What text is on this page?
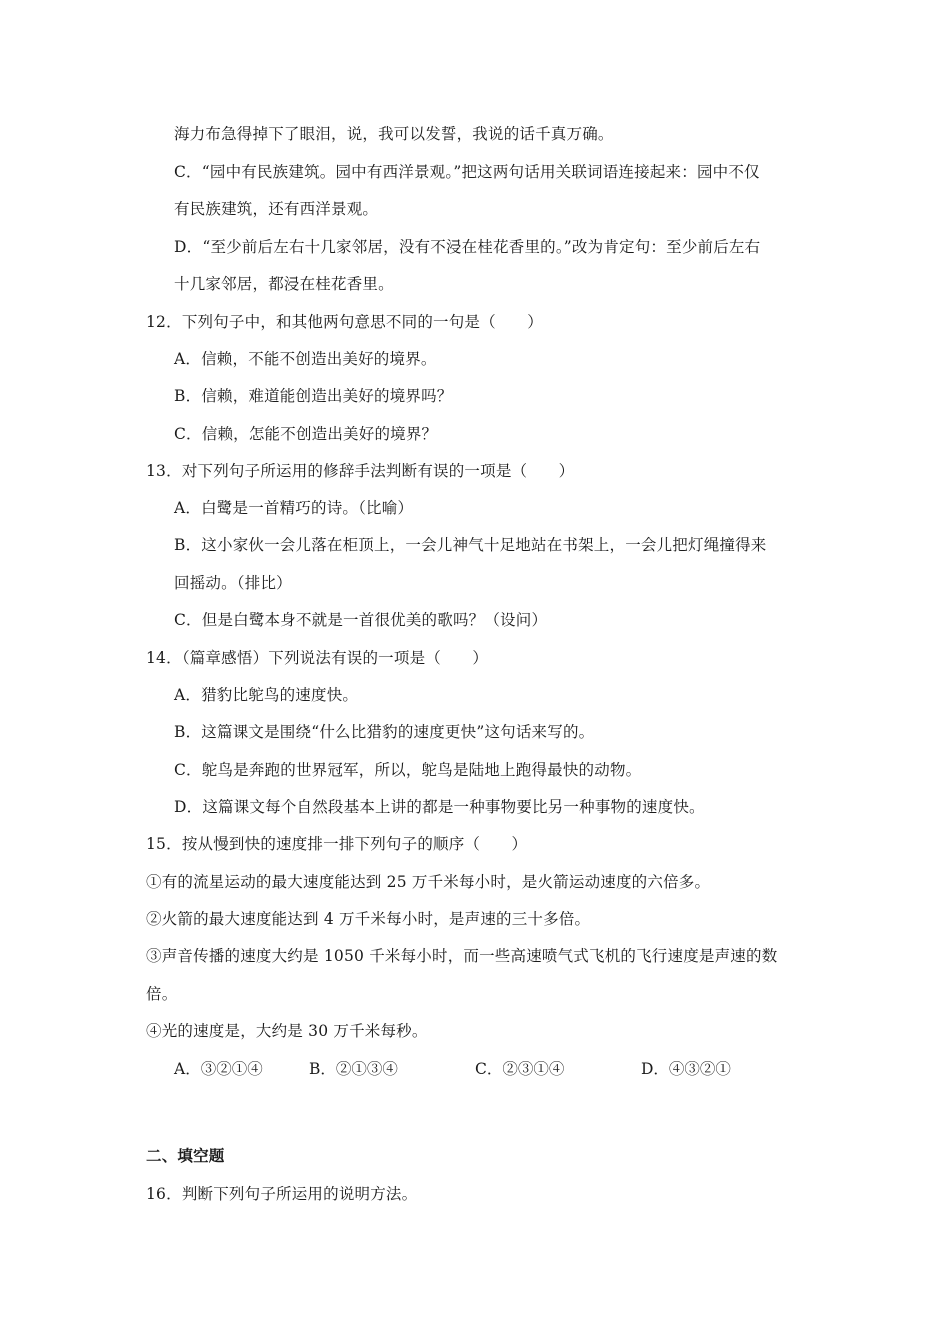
海力布急得掉下了眼泪，说，我可以发誓，我说的话千真万确。
C．“园中有民族建筑。园中有西洋景观。”把这两句话用关联词语连接起来：园中不仅
有民族建筑，还有西洋景观。
D．“至少前后左右十几家邻居，没有不浸在桂花香里的。”改为肯定句：至少前后左右
十几家邻居，都浸在桂花香里。
12．下列句子中，和其他两句意思不同的一句是（　　）
A．信赖，不能不创造出美好的境界。
B．信赖，难道能创造出美好的境界吗？
C．信赖，怎能不创造出美好的境界？
13．对下列句子所运用的修辞手法判断有误的一项是（　　）
A．白鹭是一首精巧的诗。（比喻）
B．这小家伙一会儿落在柜顶上，一会儿神气十足地站在书架上，一会儿把灯绳撞得来
回摇动。（排比）
C．但是白鹭本身不就是一首很优美的歌吗？（设问）
14．（篇章感悟）下列说法有误的一项是（　　）
A．猎豹比鸵鸟的速度快。
B．这篇课文是围绕“什么比猎豹的速度更快”这句话来写的。
C．鸵鸟是奔跑的世界冠军，所以，鸵鸟是陆地上跑得最快的动物。
D．这篇课文每个自然段基本上讲的都是一种事物要比另一种事物的速度快。
15．按从慢到快的速度排一排下列句子的顺序（　　）
①有的流星运动的最大速度能达到 25 万千米每小时，是火箭运动速度的六倍多。
②火箭的最大速度能达到 4 万千米每小时，是声速的三十多倍。
③声音传播的速度大约是 1050 千米每小时，而一些高速喷气式飞机的飞行速度是声速的数
倍。
④光的速度是，大约是 30 万千米每秒。
A．③②①④	B．②①③④	C．②③①④	D．④③②①
二、填空题
16．判断下列句子所运用的说明方法。
